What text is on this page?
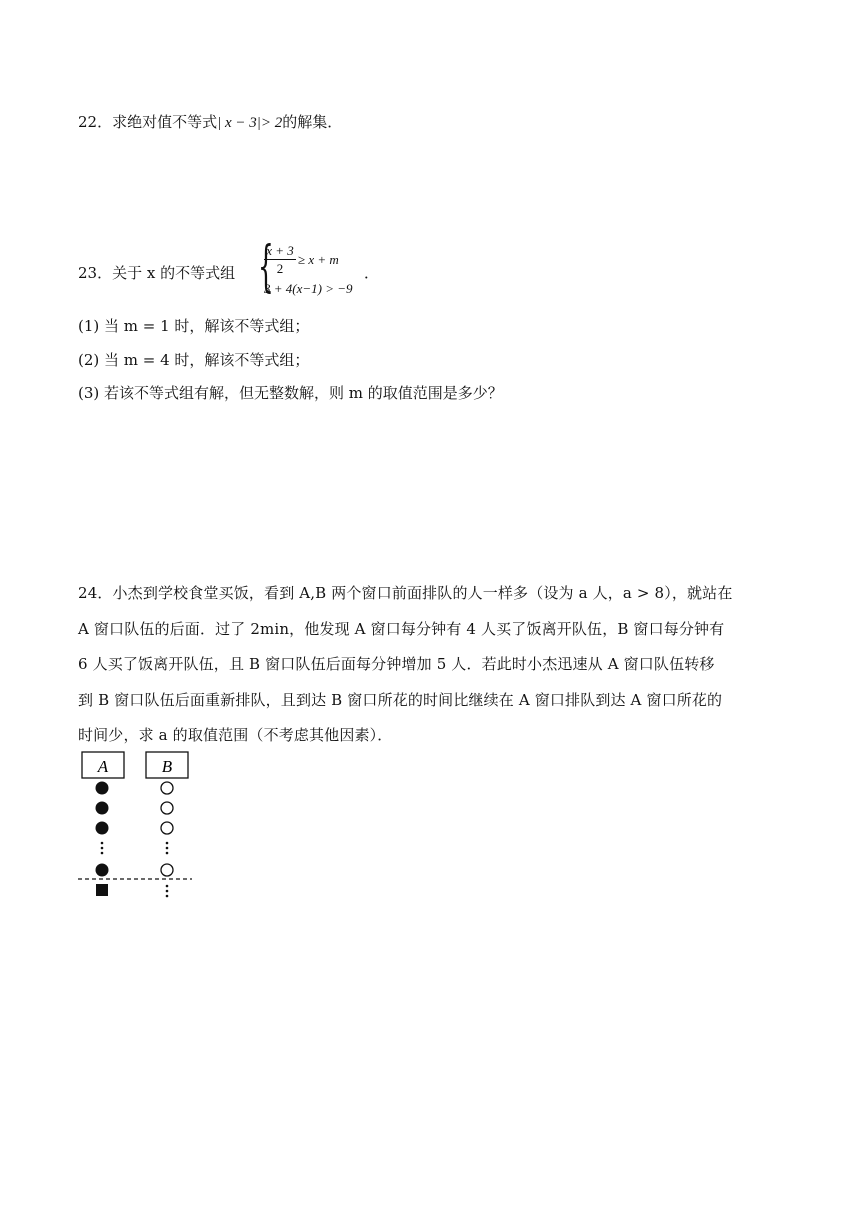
22．求绝对值不等式| x − 3|> 2的解集．
23．关于 x 的不等式组 {
x + 3
2
≥ x + m
3 + 4(x−1) > −9
．
(1) 当 m = 1 时，解该不等式组；
(2) 当 m = 4 时，解该不等式组；
(3) 若该不等式组有解，但无整数解，则 m 的取值范围是多少？
24．小杰到学校食堂买饭，看到 A,B 两个窗口前面排队的人一样多（设为 a 人，a > 8），就站在
A 窗口队伍的后面．过了 2min，他发现 A 窗口每分钟有 4 人买了饭离开队伍，B 窗口每分钟有
6 人买了饭离开队伍，且 B 窗口队伍后面每分钟增加 5 人．若此时小杰迅速从 A 窗口队伍转移
到 B 窗口队伍后面重新排队，且到达 B 窗口所花的时间比继续在 A 窗口排队到达 A 窗口所花的
时间少，求 a 的取值范围（不考虑其他因素）．
A	B
